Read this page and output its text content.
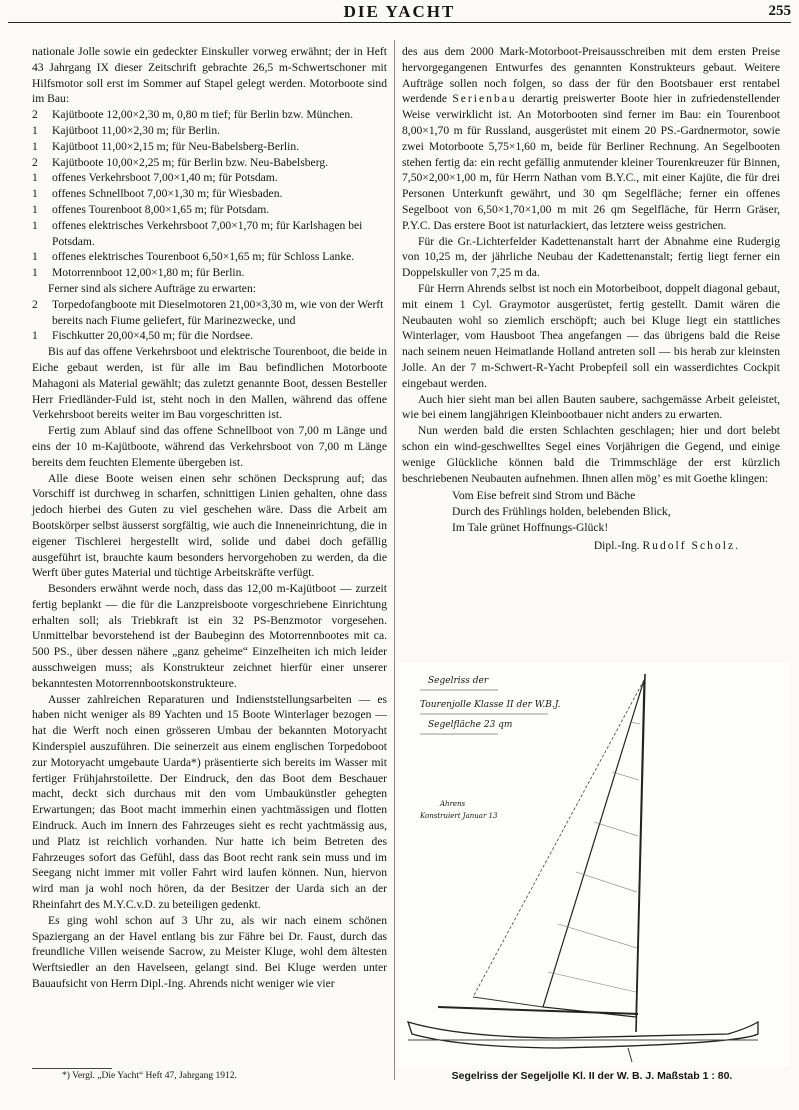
DIE YACHT	255

nationale Jolle sowie ein gedeckter Einskuller vorweg erwähnt; der in Heft 43 Jahrgang IX dieser Zeitschrift gebrachte 26,5 m-Schwertschoner mit Hilfsmotor soll erst im Sommer auf Stapel gelegt werden. Motorboote sind im Bau:

2 Kajütboote 12,00×2,30 m, 0,80 m tief; für Berlin bzw. München.
1 Kajütboot 11,00×2,30 m; für Berlin.
1 Kajütboot 11,00×2,15 m; für Neu-Babelsberg-Berlin.
2 Kajütboote 10,00×2,25 m; für Berlin bzw. Neu-Babelsberg.
1 offenes Verkehrsboot 7,00×1,40 m; für Potsdam.
1 offenes Schnellboot 7,00×1,30 m; für Wiesbaden.
1 offenes Tourenboot 8,00×1,65 m; für Potsdam.
1 offenes elektrisches Verkehrsboot 7,00×1,70 m; für Karlshagen bei Potsdam.
1 offenes elektrisches Tourenboot 6,50×1,65 m; für Schloss Lanke.
1 Motorrennboot 12,00×1,80 m; für Berlin.

Ferner sind als sichere Aufträge zu erwarten:

2 Torpedofangboote mit Dieselmotoren 21,00×3,30 m, wie von der Werft bereits nach Fiume geliefert, für Marinezwecke, und
1 Fischkutter 20,00×4,50 m; für die Nordsee.

Bis auf das offene Verkehrsboot und elektrische Tourenboot, die beide in Eiche gebaut werden, ist für alle im Bau befindlichen Motorboote Mahagoni als Material gewählt; das zuletzt genannte Boot, dessen Besteller Herr Friedländer-Fuld ist, steht noch in den Mallen, während das offene Verkehrsboot bereits weiter im Bau vorgeschritten ist.

Fertig zum Ablauf sind das offene Schnellboot von 7,00 m Länge und eins der 10 m-Kajütboote, während das Verkehrsboot von 7,00 m Länge bereits dem feuchten Elemente übergeben ist.

Alle diese Boote weisen einen sehr schönen Decksprung auf; das Vorschiff ist durchweg in scharfen, schnittigen Linien gehalten, ohne dass jedoch hierbei des Guten zu viel geschehen wäre. Dass die Arbeit am Bootskörper selbst äusserst sorgfältig, wie auch die Inneneinrichtung, die in eigener Tischlerei hergestellt wird, solide und dabei doch gefällig ausgeführt ist, brauchte kaum besonders hervorgehoben zu werden, da die Werft über gutes Material und tüchtige Arbeitskräfte verfügt.

Besonders erwähnt werde noch, dass das 12,00 m-Kajütboot — zurzeit fertig beplankt — die für die Lanzpreisboote vorgeschriebene Einrichtung erhalten soll; als Triebkraft ist ein 32 PS-Benzmotor vorgesehen. Unmittelbar bevorstehend ist der Baubeginn des Motorrennbootes mit ca. 500 PS., über dessen nähere „ganz geheime“ Einzelheiten ich mich leider ausschweigen muss; als Konstrukteur zeichnet hierfür einer unserer bekanntesten Motorrennbootskonstrukteure.

Ausser zahlreichen Reparaturen und Indienststellungsarbeiten — es haben nicht weniger als 89 Yachten und 15 Boote Winterlager bezogen — hat die Werft noch einen grösseren Umbau der bekannten Motoryacht Kinderspiel auszuführen. Die seinerzeit aus einem englischen Torpedoboot zur Motoryacht umgebaute Uarda*) präsentierte sich bereits im Wasser mit fertiger Frühjahrstoilette. Der Eindruck, den das Boot dem Beschauer macht, deckt sich durchaus mit den vom Umbaukünstler gehegten Erwartungen; das Boot macht immerhin einen yachtmässigen und flotten Eindruck. Auch im Innern des Fahrzeuges sieht es recht yachtmässig aus, und Platz ist reichlich vorhanden. Nur hatte ich beim Betreten des Fahrzeuges sofort das Gefühl, dass das Boot recht rank sein muss und im Seegang nicht immer mit voller Fahrt wird laufen können. Nun, hiervon wird man ja wohl noch hören, da der Besitzer der Uarda sich an der Rheinfahrt des M.Y.C.v.D. zu beteiligen gedenkt.

Es ging wohl schon auf 3 Uhr zu, als wir nach einem schönen Spaziergang an der Havel entlang bis zur Fähre bei Dr. Faust, durch das freundliche Villen weisende Sacrow, zu Meister Kluge, wohl dem ältesten Werftsiedler an den Havelseen, gelangt sind. Bei Kluge werden unter Bauaufsicht von Herrn Dipl.-Ing. Ahrends nicht weniger wie vier

*) Vergl. „Die Yacht“ Heft 47, Jahrgang 1912.

des aus dem 2000 Mark-Motorboot-Preisausschreiben mit dem ersten Preise hervorgegangenen Entwurfes des genannten Konstrukteurs gebaut. Weitere Aufträge sollen noch folgen, so dass der für den Bootsbauer erst rentabel werdende Serienbau derartig preiswerter Boote hier in zufriedenstellender Weise verwirklicht ist. An Motorbooten sind ferner im Bau: ein Tourenboot 8,00×1,70 m für Russland, ausgerüstet mit einem 20 PS.-Gardnermotor, sowie zwei Motorboote 5,75×1,60 m, beide für Berliner Rechnung. An Segelbooten stehen fertig da: ein recht gefällig anmutender kleiner Tourenkreuzer für Binnen, 7,50×2,00×1,00 m, für Herrn Nathan vom B.Y.C., mit einer Kajüte, die für drei Personen Unterkunft gewährt, und 30 qm Segelfläche; ferner ein offenes Segelboot von 6,50×1,70×1,00 m mit 26 qm Segelfläche, für Herrn Gräser, P.Y.C. Das erstere Boot ist naturlackiert, das letztere weiss gestrichen.

Für die Gr.-Lichterfelder Kadettenanstalt harrt der Abnahme eine Rudergig von 10,25 m, der jährliche Neubau der Kadettenanstalt; fertig liegt ferner ein Doppelskuller von 7,25 m da.

Für Herrn Ahrends selbst ist noch ein Motorbeiboot, doppelt diagonal gebaut, mit einem 1 Cyl. Graymotor ausgerüstet, fertig gestellt. Damit wären die Neubauten wohl so ziemlich erschöpft; auch bei Kluge liegt ein stattliches Winterlager, vom Hausboot Thea angefangen — das übrigens bald die Reise nach seinem neuen Heimatlande Holland antreten soll — bis herab zur kleinsten Jolle. An der 7 m-Schwert-R-Yacht Probepfeil soll ein wasserdichtes Cockpit eingebaut werden.

Auch hier sieht man bei allen Bauten saubere, sachgemässe Arbeit geleistet, wie bei einem langjährigen Kleinbootbauer nicht anders zu erwarten.

Nun werden bald die ersten Schlachten geschlagen; hier und dort belebt schon ein wind-geschwelltes Segel eines Vorjährigen die Gegend, und einige wenige Glückliche können bald die Trimmschläge der erst kürzlich beschriebenen Neubauten aufnehmen. Ihnen allen mög’ es mit Goethe klingen:

Vom Eise befreit sind Strom und Bäche
Durch des Frühlings holden, belebenden Blick,
Im Tale grünet Hoffnungs-Glück!
Dipl.-Ing. Rudolf Scholz.
Segelriss der
Tourenjolle Klasse II der W.B.J.
Segelfläche 23 qm
Ahrens
Konstruiert Januar 13
Segelriss der Segeljolle Kl. II der W. B. J. Maßstab 1 : 80.
